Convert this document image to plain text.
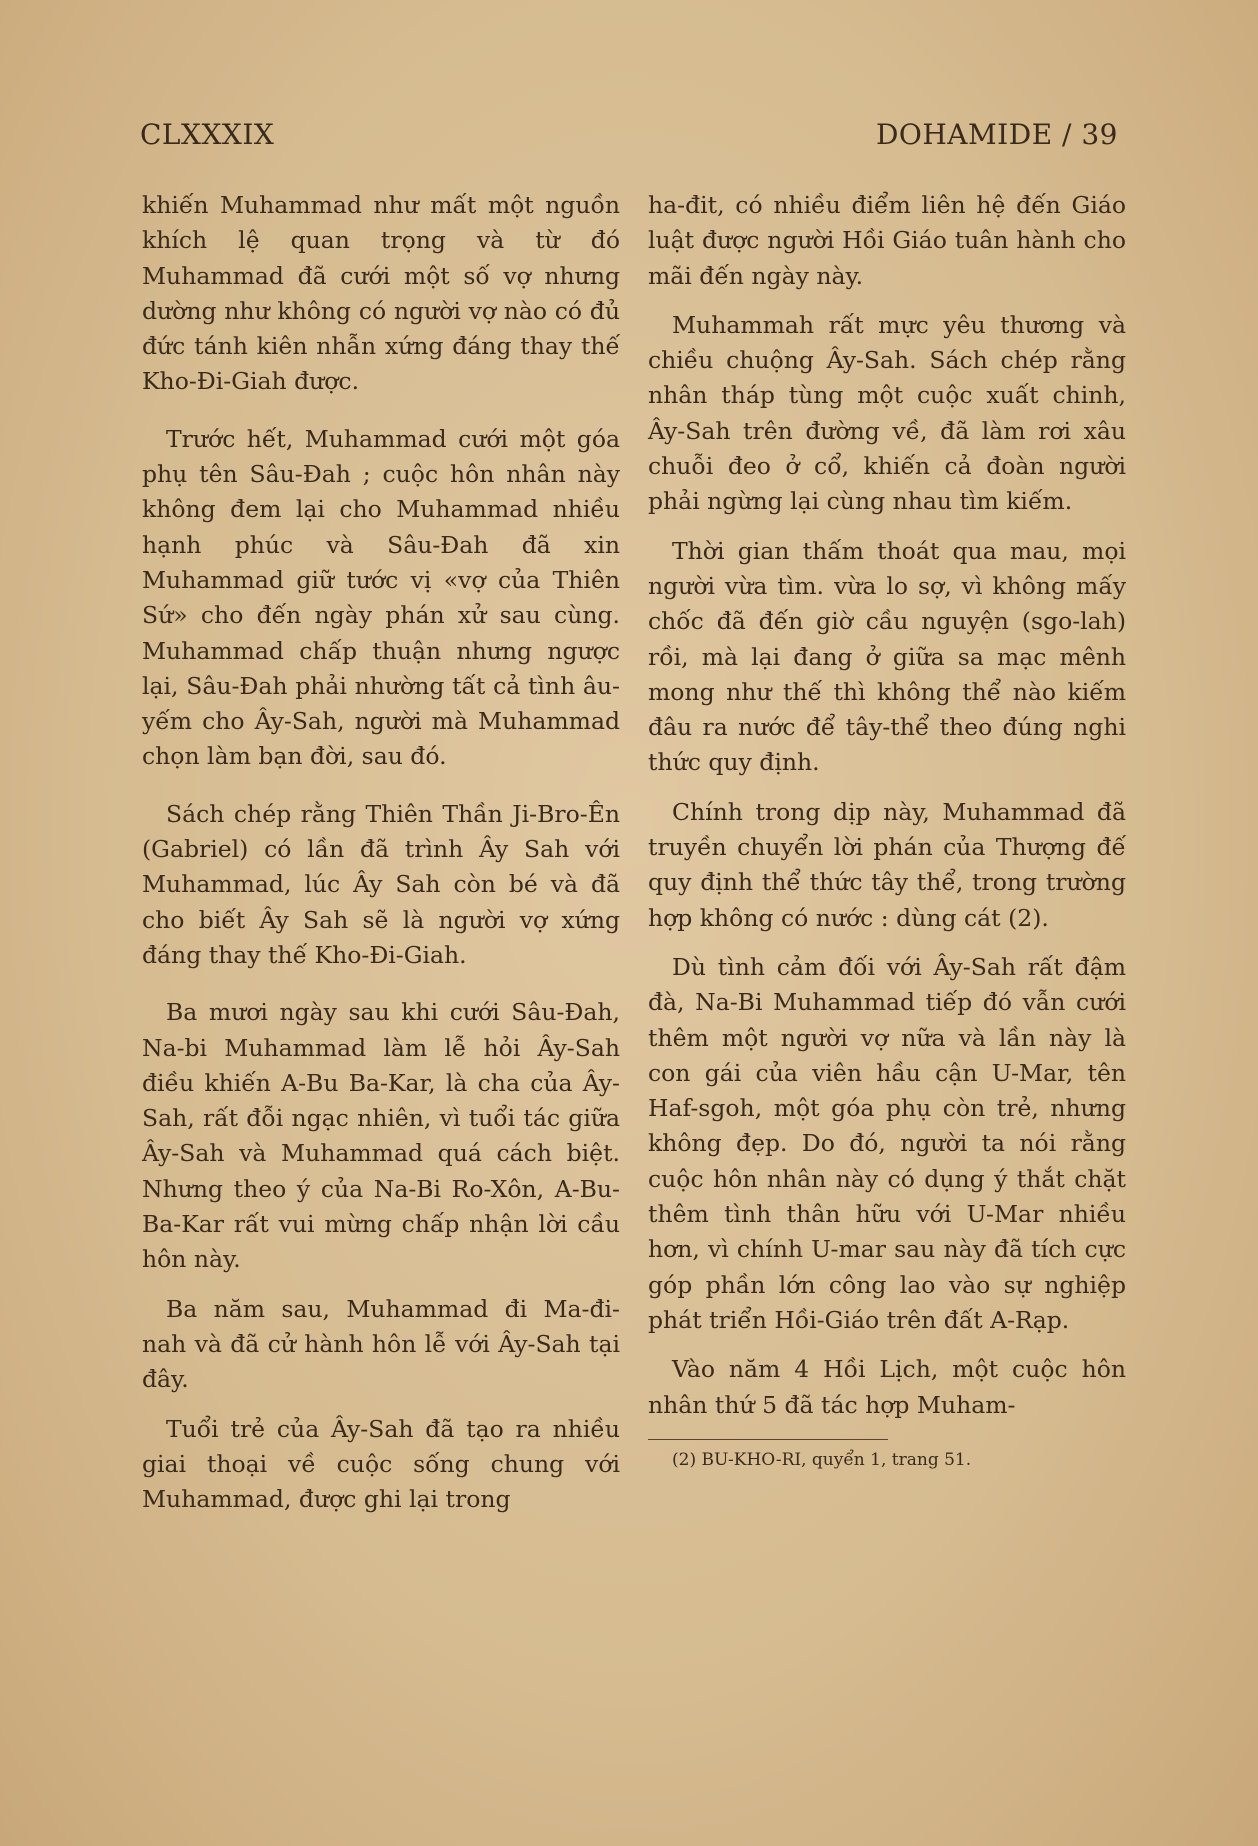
CLXXXIX	DOHAMIDE / 39

khiến Muhammad như mất một nguồn khích lệ quan trọng và từ đó Muhammad đã cưới một số vợ nhưng dường như không có người vợ nào có đủ đức tánh kiên nhẫn xứng đáng thay thế Kho-Đi-Giah được.

Trước hết, Muhammad cưới một góa phụ tên Sâu-Đah ; cuộc hôn nhân này không đem lại cho Muhammad nhiều hạnh phúc và Sâu-Đah đã xin Muhammad giữ tước vị «vợ của Thiên Sứ» cho đến ngày phán xử sau cùng. Muhammad chấp thuận nhưng ngược lại, Sâu-Đah phải nhường tất cả tình âu-yếm cho Ây-Sah, người mà Muhammad chọn làm bạn đời, sau đó.

Sách chép rằng Thiên Thần Ji-Bro-Ên (Gabriel) có lần đã trình Ây Sah với Muhammad, lúc Ây Sah còn bé và đã cho biết Ây Sah sẽ là người vợ xứng đáng thay thế Kho-Đi-Giah.

Ba mươi ngày sau khi cưới Sâu-Đah, Na-bi Muhammad làm lễ hỏi Ây-Sah điều khiến A-Bu Ba-Kar, là cha của Ây-Sah, rất đỗi ngạc nhiên, vì tuổi tác giữa Ây-Sah và Muhammad quá cách biệt. Nhưng theo ý của Na-Bi Ro-Xôn, A-Bu-Ba-Kar rất vui mừng chấp nhận lời cầu hôn này.

Ba năm sau, Muhammad đi Ma-đi-nah và đã cử hành hôn lễ với Ây-Sah tại đây.

Tuổi trẻ của Ây-Sah đã tạo ra nhiều giai thoại về cuộc sống chung với Muhammad, được ghi lại trong

ha-đit, có nhiều điểm liên hệ đến Giáo luật được người Hồi Giáo tuân hành cho mãi đến ngày này.

Muhammah rất mực yêu thương và chiều chuộng Ây-Sah. Sách chép rằng nhân tháp tùng một cuộc xuất chinh, Ây-Sah trên đường về, đã làm rơi xâu chuỗi đeo ở cổ, khiến cả đoàn người phải ngừng lại cùng nhau tìm kiếm.

Thời gian thấm thoát qua mau, mọi người vừa tìm. vừa lo sợ, vì không mấy chốc đã đến giờ cầu nguyện (sgo-lah) rồi, mà lại đang ở giữa sa mạc mênh mong như thế thì không thể nào kiếm đâu ra nước để tây-thể theo đúng nghi thức quy định.

Chính trong dịp này, Muhammad đã truyền chuyển lời phán của Thượng đế quy định thể thức tây thể, trong trường hợp không có nước : dùng cát (2).

Dù tình cảm đối với Ây-Sah rất đậm đà, Na-Bi Muhammad tiếp đó vẫn cưới thêm một người vợ nữa và lần này là con gái của viên hầu cận U-Mar, tên Haf-sgoh, một góa phụ còn trẻ, nhưng không đẹp. Do đó, người ta nói rằng cuộc hôn nhân này có dụng ý thắt chặt thêm tình thân hữu với U-Mar nhiều hơn, vì chính U-mar sau này đã tích cực góp phần lớn công lao vào sự nghiệp phát triển Hồi-Giáo trên đất A-Rạp.

Vào năm 4 Hồi Lịch, một cuộc hôn nhân thứ 5 đã tác hợp Muham-

(2) BU-KHO-RI, quyển 1, trang 51.
